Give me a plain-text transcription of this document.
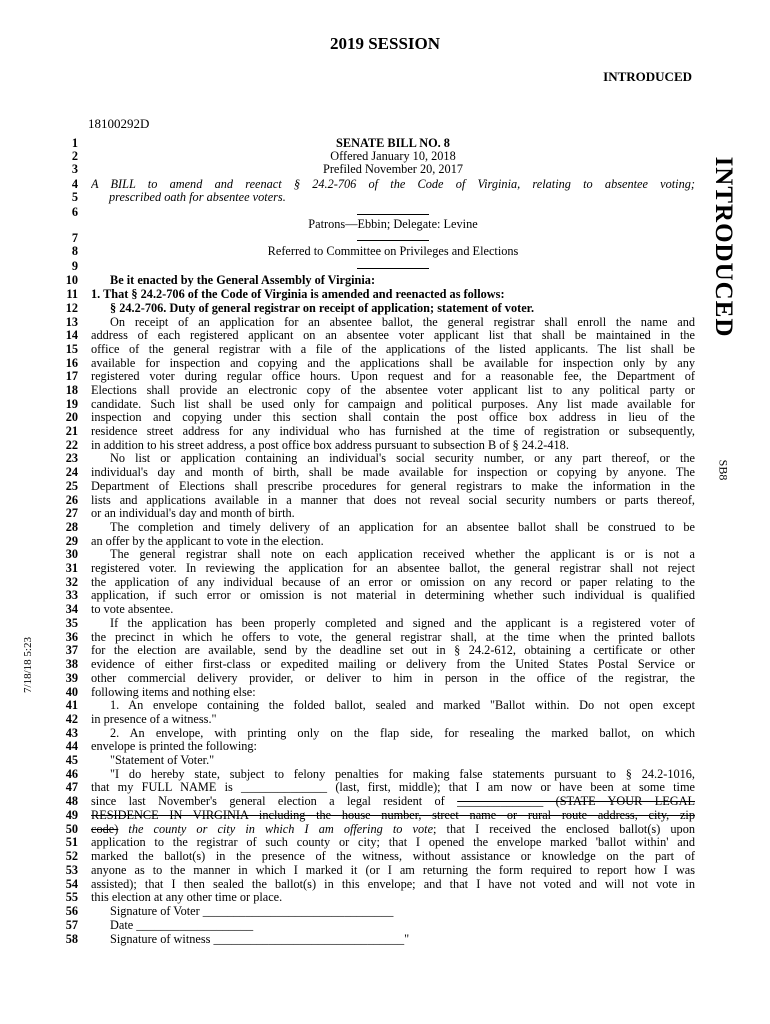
2019 SESSION
INTRODUCED
18100292D
INTRODUCED
SB8
7/18/18 5:23
1	SENATE BILL NO. 8
2	Offered January 10, 2018
3	Prefiled November 20, 2017
4 A BILL to amend and reenact § 24.2-706 of the Code of Virginia, relating to absentee voting;
5	prescribed oath for absentee voters.
6
Patrons—Ebbin; Delegate: Levine
7
8	Referred to Committee on Privileges and Elections
9
10	Be it enacted by the General Assembly of Virginia:
11 1. That § 24.2-706 of the Code of Virginia is amended and reenacted as follows:
12	§ 24.2-706. Duty of general registrar on receipt of application; statement of voter.
13	On receipt of an application for an absentee ballot, the general registrar shall enroll the name and
14 address of each registered applicant on an absentee voter applicant list that shall be maintained in the
15 office of the general registrar with a file of the applications of the listed applicants. The list shall be
16 available for inspection and copying and the applications shall be available for inspection only by any
17 registered voter during regular office hours. Upon request and for a reasonable fee, the Department of
18 Elections shall provide an electronic copy of the absentee voter applicant list to any political party or
19 candidate. Such list shall be used only for campaign and political purposes. Any list made available for
20 inspection and copying under this section shall contain the post office box address in lieu of the
21 residence street address for any individual who has furnished at the time of registration or subsequently,
22 in addition to his street address, a post office box address pursuant to subsection B of § 24.2-418.
23	No list or application containing an individual's social security number, or any part thereof, or the
24 individual's day and month of birth, shall be made available for inspection or copying by anyone. The
25 Department of Elections shall prescribe procedures for general registrars to make the information in the
26 lists and applications available in a manner that does not reveal social security numbers or parts thereof,
27 or an individual's day and month of birth.
28	The completion and timely delivery of an application for an absentee ballot shall be construed to be
29 an offer by the applicant to vote in the election.
30	The general registrar shall note on each application received whether the applicant is or is not a
31 registered voter. In reviewing the application for an absentee ballot, the general registrar shall not reject
32 the application of any individual because of an error or omission on any record or paper relating to the
33 application, if such error or omission is not material in determining whether such individual is qualified
34 to vote absentee.
35	If the application has been properly completed and signed and the applicant is a registered voter of
36 the precinct in which he offers to vote, the general registrar shall, at the time when the printed ballots
37 for the election are available, send by the deadline set out in § 24.2-612, obtaining a certificate or other
38 evidence of either first-class or expedited mailing or delivery from the United States Postal Service or
39 other commercial delivery provider, or deliver to him in person in the office of the registrar, the
40 following items and nothing else:
41	1. An envelope containing the folded ballot, sealed and marked "Ballot within. Do not open except
42 in presence of a witness."
43	2. An envelope, with printing only on the flap side, for resealing the marked ballot, on which
44 envelope is printed the following:
45	"Statement of Voter."
46	"I do hereby state, subject to felony penalties for making false statements pursuant to § 24.2-1016,
47 that my FULL NAME is ______________ (last, first, middle); that I am now or have been at some time
48 since last November's general election a legal resident of ______________ (STATE YOUR LEGAL
49 RESIDENCE IN VIRGINIA including the house number, street name or rural route address, city, zip
50 code) the county or city in which I am offering to vote; that I received the enclosed ballot(s) upon
51 application to the registrar of such county or city; that I opened the envelope marked 'ballot within' and
52 marked the ballot(s) in the presence of the witness, without assistance or knowledge on the part of
53 anyone as to the manner in which I marked it (or I am returning the form required to report how I was
54 assisted); that I then sealed the ballot(s) in this envelope; and that I have not voted and will not vote in
55 this election at any other time or place.
56	Signature of Voter _______________________________
57	Date ___________________
58	Signature of witness _______________________________"
